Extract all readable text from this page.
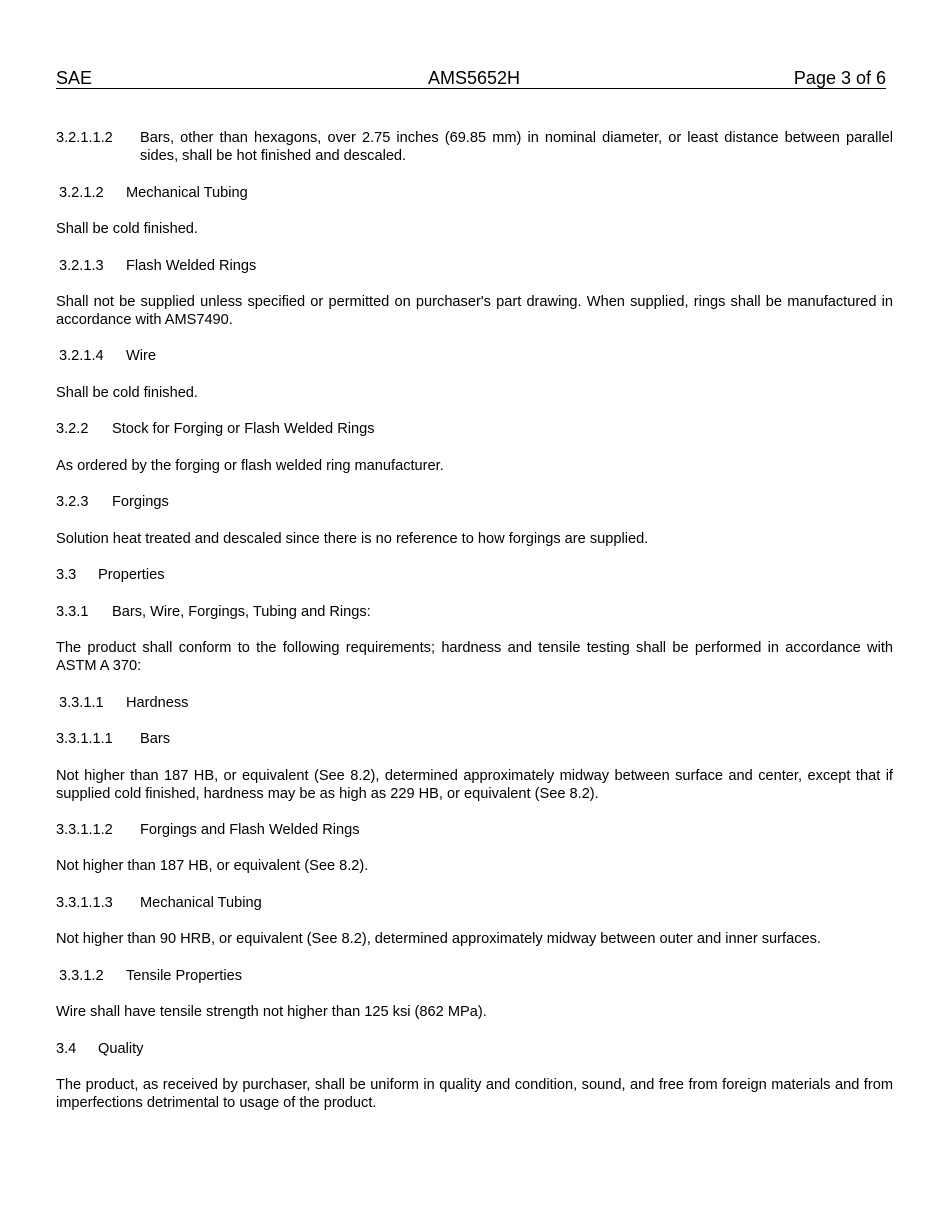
SAE	AMS5652H	Page 3 of 6
3.2.1.1.2 Bars, other than hexagons, over 2.75 inches (69.85 mm) in nominal diameter, or least distance between parallel sides, shall be hot finished and descaled.
3.2.1.2 Mechanical Tubing
Shall be cold finished.
3.2.1.3 Flash Welded Rings
Shall not be supplied unless specified or permitted on purchaser's part drawing. When supplied, rings shall be manufactured in accordance with AMS7490.
3.2.1.4 Wire
Shall be cold finished.
3.2.2 Stock for Forging or Flash Welded Rings
As ordered by the forging or flash welded ring manufacturer.
3.2.3 Forgings
Solution heat treated and descaled since there is no reference to how forgings are supplied.
3.3 Properties
3.3.1 Bars, Wire, Forgings, Tubing and Rings:
The product shall conform to the following requirements; hardness and tensile testing shall be performed in accordance with ASTM A 370:
3.3.1.1 Hardness
3.3.1.1.1 Bars
Not higher than 187 HB, or equivalent (See 8.2), determined approximately midway between surface and center, except that if supplied cold finished, hardness may be as high as 229 HB, or equivalent (See 8.2).
3.3.1.1.2 Forgings and Flash Welded Rings
Not higher than 187 HB, or equivalent (See 8.2).
3.3.1.1.3 Mechanical Tubing
Not higher than 90 HRB, or equivalent (See 8.2), determined approximately midway between outer and inner surfaces.
3.3.1.2 Tensile Properties
Wire shall have tensile strength not higher than 125 ksi (862 MPa).
3.4 Quality
The product, as received by purchaser, shall be uniform in quality and condition, sound, and free from foreign materials and from imperfections detrimental to usage of the product.
